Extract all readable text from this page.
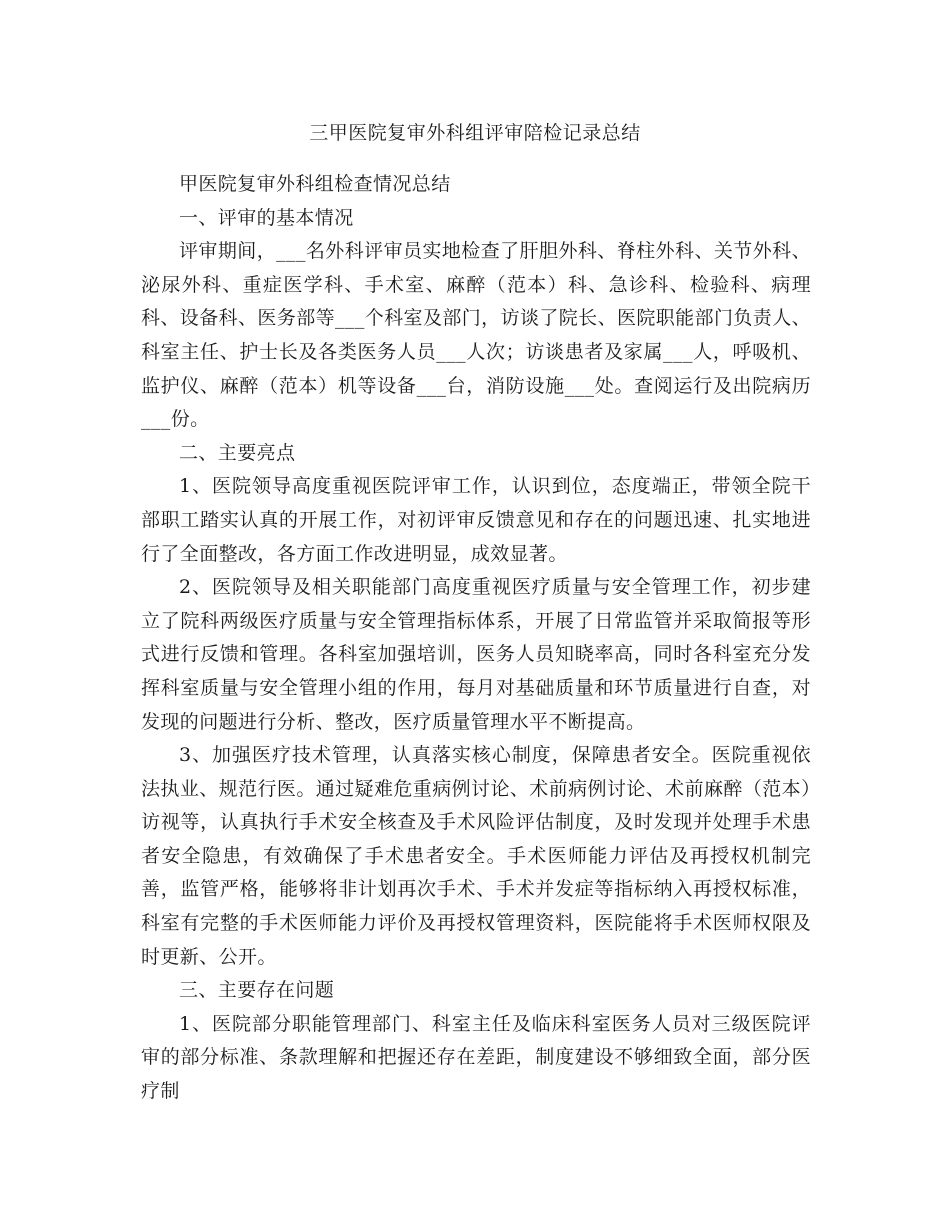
三甲医院复审外科组评审陪检记录总结

甲医院复审外科组检查情况总结

一、评审的基本情况

评审期间，___名外科评审员实地检查了肝胆外科、脊柱外科、关节外科、泌尿外科、重症医学科、手术室、麻醉（范本）科、急诊科、检验科、病理科、设备科、医务部等___个科室及部门，访谈了院长、医院职能部门负责人、科室主任、护士长及各类医务人员___人次；访谈患者及家属___人，呼吸机、监护仪、麻醉（范本）机等设备___台，消防设施___处。查阅运行及出院病历___份。

二、主要亮点

1、医院领导高度重视医院评审工作，认识到位，态度端正，带领全院干部职工踏实认真的开展工作，对初评审反馈意见和存在的问题迅速、扎实地进行了全面整改，各方面工作改进明显，成效显著。

2、医院领导及相关职能部门高度重视医疗质量与安全管理工作，初步建立了院科两级医疗质量与安全管理指标体系，开展了日常监管并采取简报等形式进行反馈和管理。各科室加强培训，医务人员知晓率高，同时各科室充分发挥科室质量与安全管理小组的作用，每月对基础质量和环节质量进行自查，对发现的问题进行分析、整改，医疗质量管理水平不断提高。

3、加强医疗技术管理，认真落实核心制度，保障患者安全。医院重视依法执业、规范行医。通过疑难危重病例讨论、术前病例讨论、术前麻醉（范本）访视等，认真执行手术安全核查及手术风险评估制度，及时发现并处理手术患者安全隐患，有效确保了手术患者安全。手术医师能力评估及再授权机制完善，监管严格，能够将非计划再次手术、手术并发症等指标纳入再授权标准，科室有完整的手术医师能力评价及再授权管理资料，医院能将手术医师权限及时更新、公开。

三、主要存在问题

1、医院部分职能管理部门、科室主任及临床科室医务人员对三级医院评审的部分标准、条款理解和把握还存在差距，制度建设不够细致全面，部分医疗制
